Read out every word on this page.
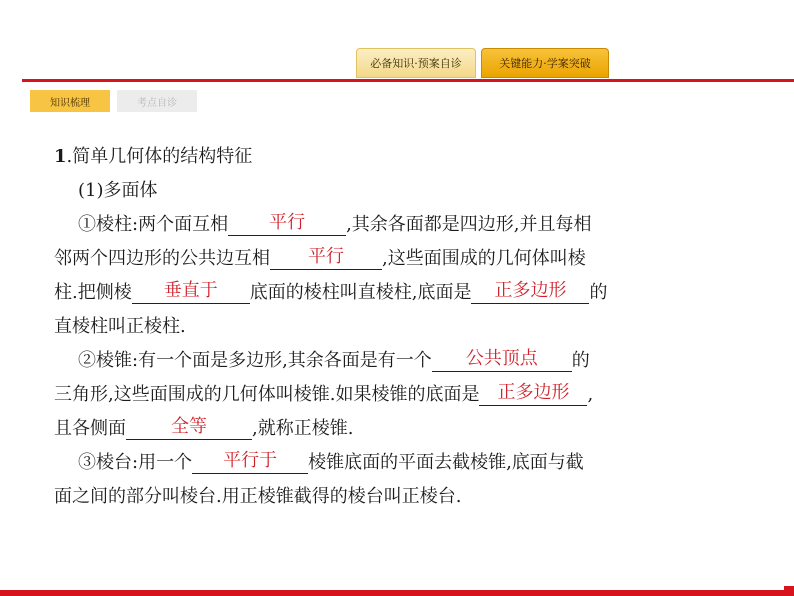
必备知识·预案自诊	关键能力·学案突破
知识梳理	考点自诊
1.简单几何体的结构特征
(1)多面体
①棱柱:两个面互相 平行 ,其余各面都是四边形,并且每相
邻两个四边形的公共边互相 平行 ,这些面围成的几何体叫棱
柱.把侧棱 垂直于 底面的棱柱叫直棱柱,底面是 正多边形 的
直棱柱叫正棱柱.
②棱锥:有一个面是多边形,其余各面是有一个 公共顶点 的
三角形,这些面围成的几何体叫棱锥.如果棱锥的底面是 正多边形 ,
且各侧面	全等	,就称正棱锥.
③棱台:用一个 平行于 棱锥底面的平面去截棱锥,底面与截
面之间的部分叫棱台.用正棱锥截得的棱台叫正棱台.
